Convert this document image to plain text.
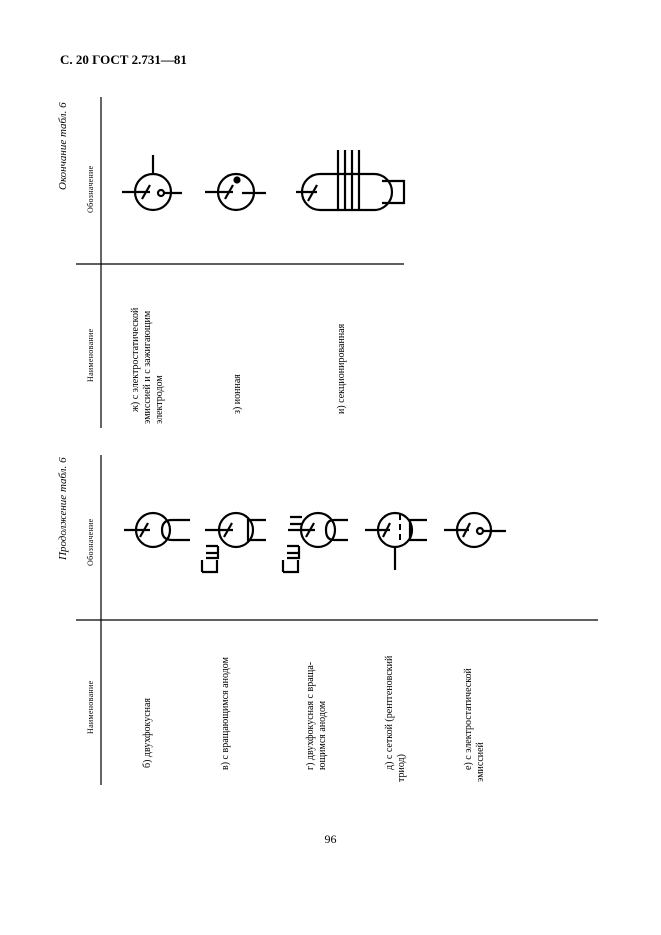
С. 20 ГОСТ 2.731—81
Окончание табл. 6 Обозначение
Наименование	ж) с электростатической эмиссией и с зажигающим электродом	з) ионная	и) секционированная
Продолжение табл. 6 Обозначение
Наименование	б) двухфокусная	в) с вращающимся анодом	г) двухфокусная с враща- ющимся анодом	д) с сеткой (рентгеновский триод)	е) с электростатической эмиссией
96
